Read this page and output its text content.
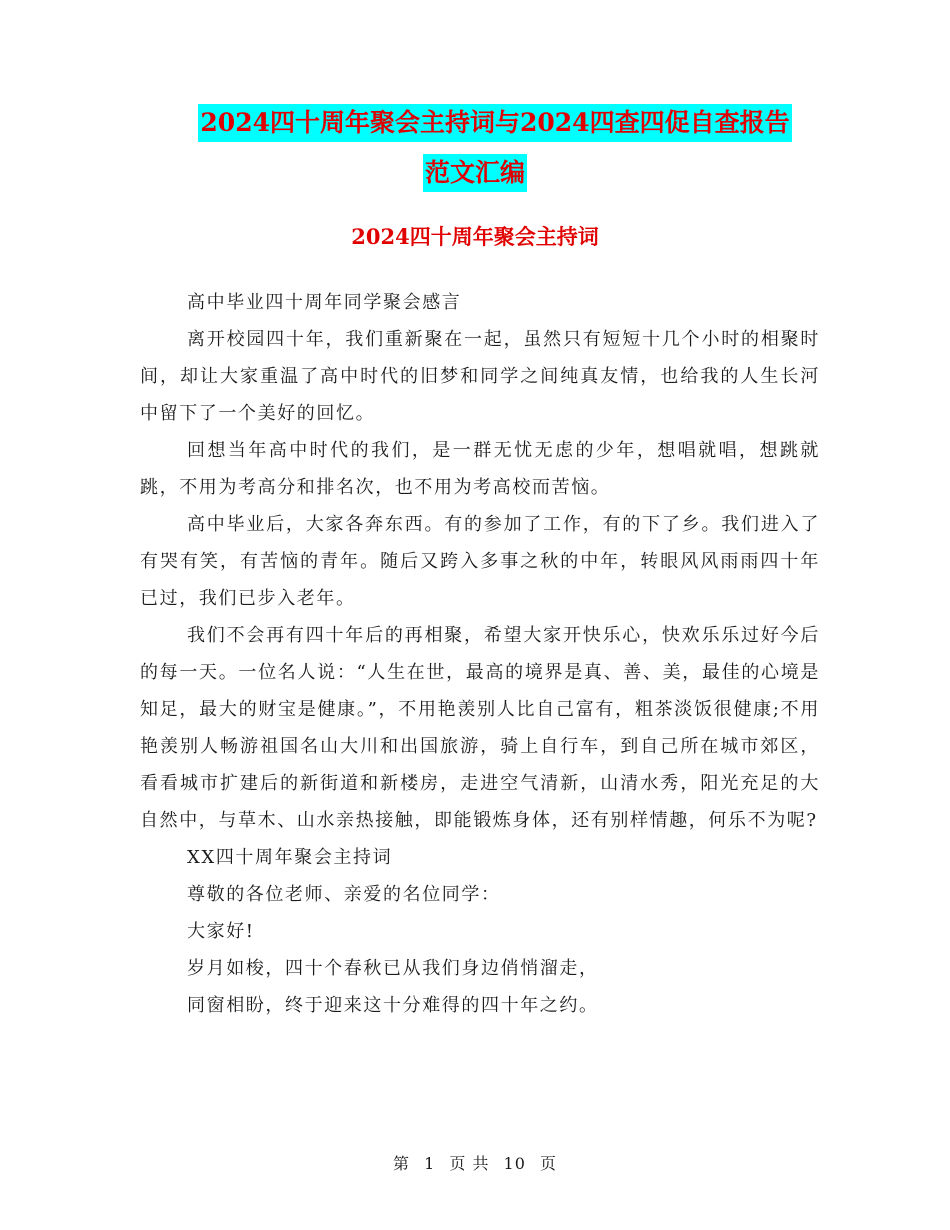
2024四十周年聚会主持词与2024四查四促自查报告
范文汇编
2024四十周年聚会主持词

高中毕业四十周年同学聚会感言

离开校园四十年，我们重新聚在一起，虽然只有短短十几个小时的相聚时间，却让大家重温了高中时代的旧梦和同学之间纯真友情，也给我的人生长河中留下了一个美好的回忆。

回想当年高中时代的我们，是一群无忧无虑的少年，想唱就唱，想跳就跳，不用为考高分和排名次，也不用为考高校而苦恼。

高中毕业后，大家各奔东西。有的参加了工作，有的下了乡。我们进入了有哭有笑，有苦恼的青年。随后又跨入多事之秋的中年，转眼风风雨雨四十年已过，我们已步入老年。

我们不会再有四十年后的再相聚，希望大家开快乐心，快欢乐乐过好今后的每一天。一位名人说：“人生在世，最高的境界是真、善、美，最佳的心境是知足，最大的财宝是健康。”，不用艳羡别人比自己富有，粗茶淡饭很健康;不用艳羡别人畅游祖国名山大川和出国旅游，骑上自行车，到自己所在城市郊区，看看城市扩建后的新街道和新楼房，走进空气清新，山清水秀，阳光充足的大自然中，与草木、山水亲热接触，即能锻炼身体，还有别样情趣，何乐不为呢?

XX四十周年聚会主持词

尊敬的各位老师、亲爱的名位同学：

大家好!

岁月如梭，四十个春秋已从我们身边俏悄溜走，

同窗相盼，终于迎来这十分难得的四十年之约。

第 1 页 共 10 页
